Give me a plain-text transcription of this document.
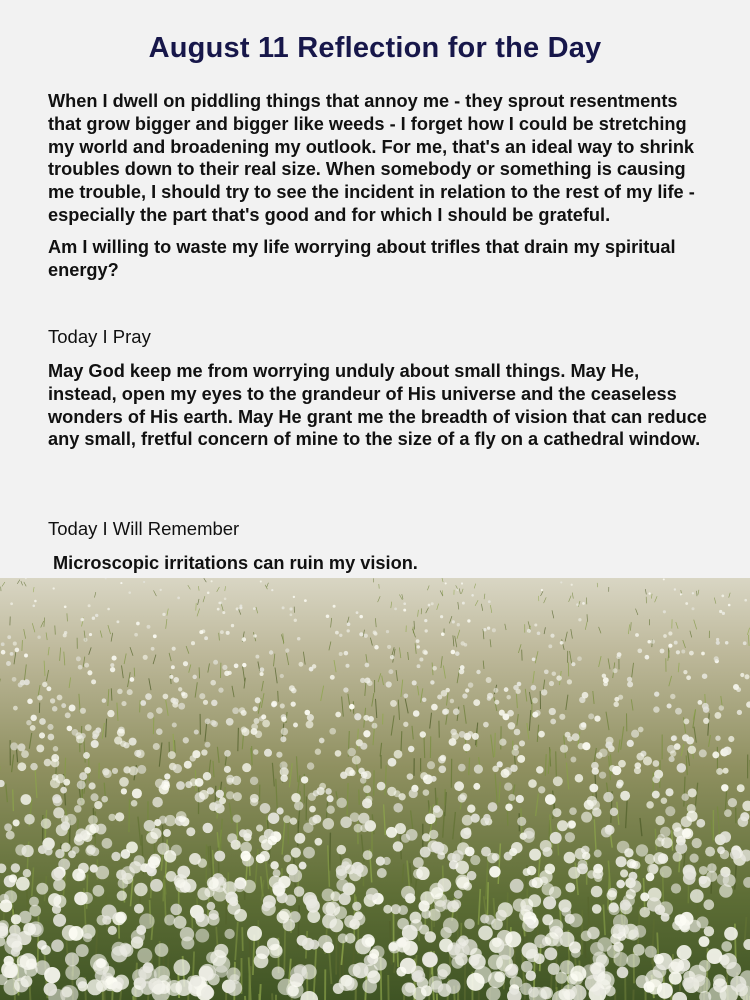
August 11 Reflection for the Day
When I dwell on piddling things that annoy me - they sprout resentments that grow bigger and bigger like weeds - I forget how I could be stretching my world and broadening my outlook. For me, that's an ideal way to shrink troubles down to their real size. When somebody or something is causing me trouble, I should try to see the incident in relation to the rest of my life - especially the part that's good and for which I should be grateful.
Am I willing to waste my life worrying about trifles that drain my spiritual energy?
Today I Pray
May God keep me from worrying unduly about small things. May He, instead, open my eyes to the grandeur of His universe and the ceaseless wonders of His earth. May He grant me the breadth of vision that can reduce any small, fretful concern of mine to the size of a fly on a cathedral window.
Today I Will Remember
Microscopic irritations can ruin my vision.
